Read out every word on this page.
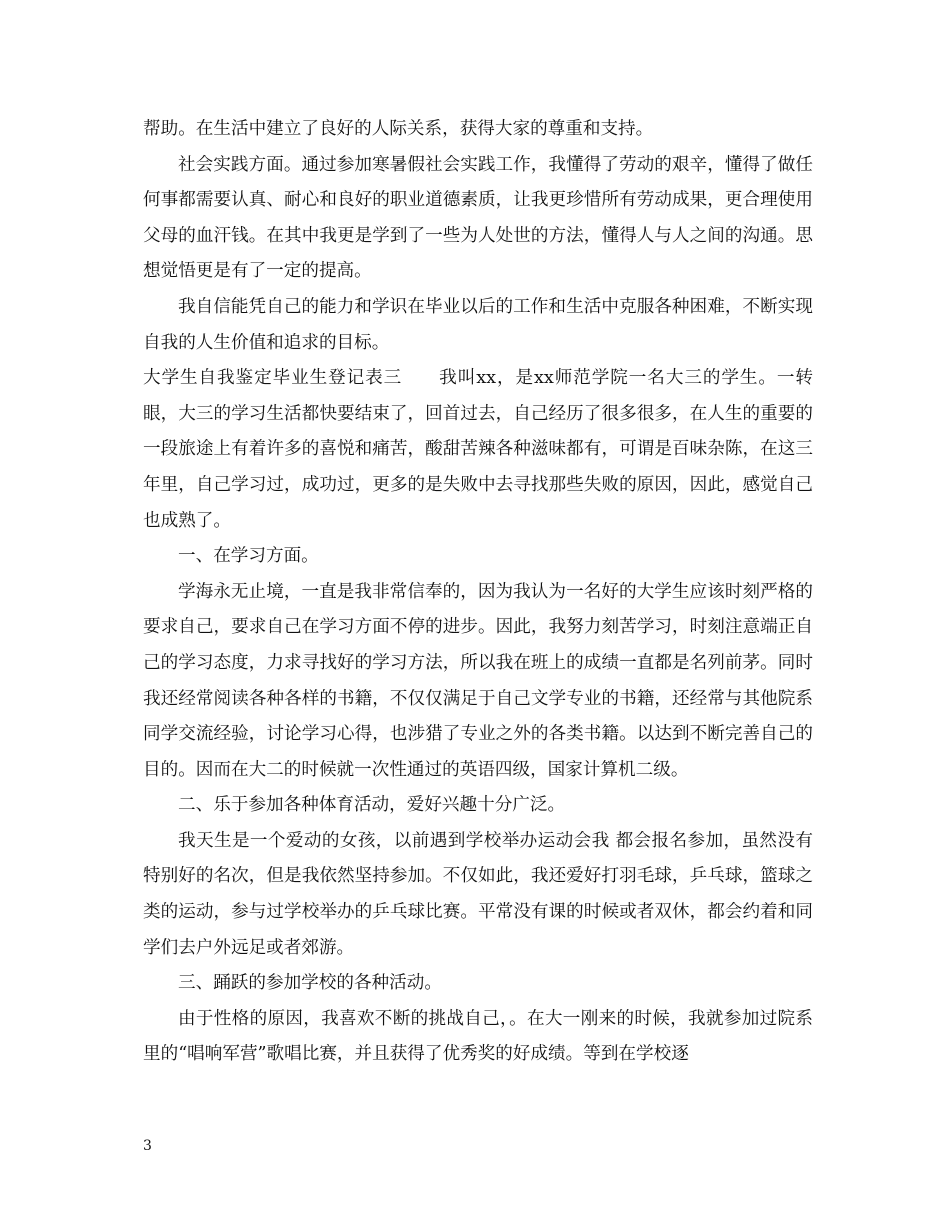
帮助。在生活中建立了良好的人际关系，获得大家的尊重和支持。

社会实践方面。通过参加寒暑假社会实践工作，我懂得了劳动的艰辛，懂得了做任何事都需要认真、耐心和良好的职业道德素质，让我更珍惜所有劳动成果，更合理使用父母的血汗钱。在其中我更是学到了一些为人处世的方法，懂得人与人之间的沟通。思想觉悟更是有了一定的提高。

我自信能凭自己的能力和学识在毕业以后的工作和生活中克服各种困难，不断实现自我的人生价值和追求的目标。

大学生自我鉴定毕业生登记表三　　我叫xx，是xx师范学院一名大三的学生。一转眼，大三的学习生活都快要结束了，回首过去，自己经历了很多很多，在人生的重要的一段旅途上有着许多的喜悦和痛苦，酸甜苦辣各种滋味都有，可谓是百味杂陈，在这三年里，自己学习过，成功过，更多的是失败中去寻找那些失败的原因，因此，感觉自己也成熟了。

一、在学习方面。

学海永无止境，一直是我非常信奉的，因为我认为一名好的大学生应该时刻严格的要求自己，要求自己在学习方面不停的进步。因此，我努力刻苦学习，时刻注意端正自己的学习态度，力求寻找好的学习方法，所以我在班上的成绩一直都是名列前茅。同时我还经常阅读各种各样的书籍，不仅仅满足于自己文学专业的书籍，还经常与其他院系同学交流经验，讨论学习心得，也涉猎了专业之外的各类书籍。以达到不断完善自己的目的。因而在大二的时候就一次性通过的英语四级，国家计算机二级。

二、乐于参加各种体育活动，爱好兴趣十分广泛。

我天生是一个爱动的女孩，以前遇到学校举办运动会我 都会报名参加，虽然没有特别好的名次，但是我依然坚持参加。不仅如此，我还爱好打羽毛球，乒乓球，篮球之类的运动，参与过学校举办的乒乓球比赛。平常没有课的时候或者双休，都会约着和同学们去户外远足或者郊游。

三、踊跃的参加学校的各种活动。

由于性格的原因，我喜欢不断的挑战自己，。在大一刚来的时候，我就参加过院系里的“唱响军营”歌唱比赛，并且获得了优秀奖的好成绩。等到在学校逐

3
